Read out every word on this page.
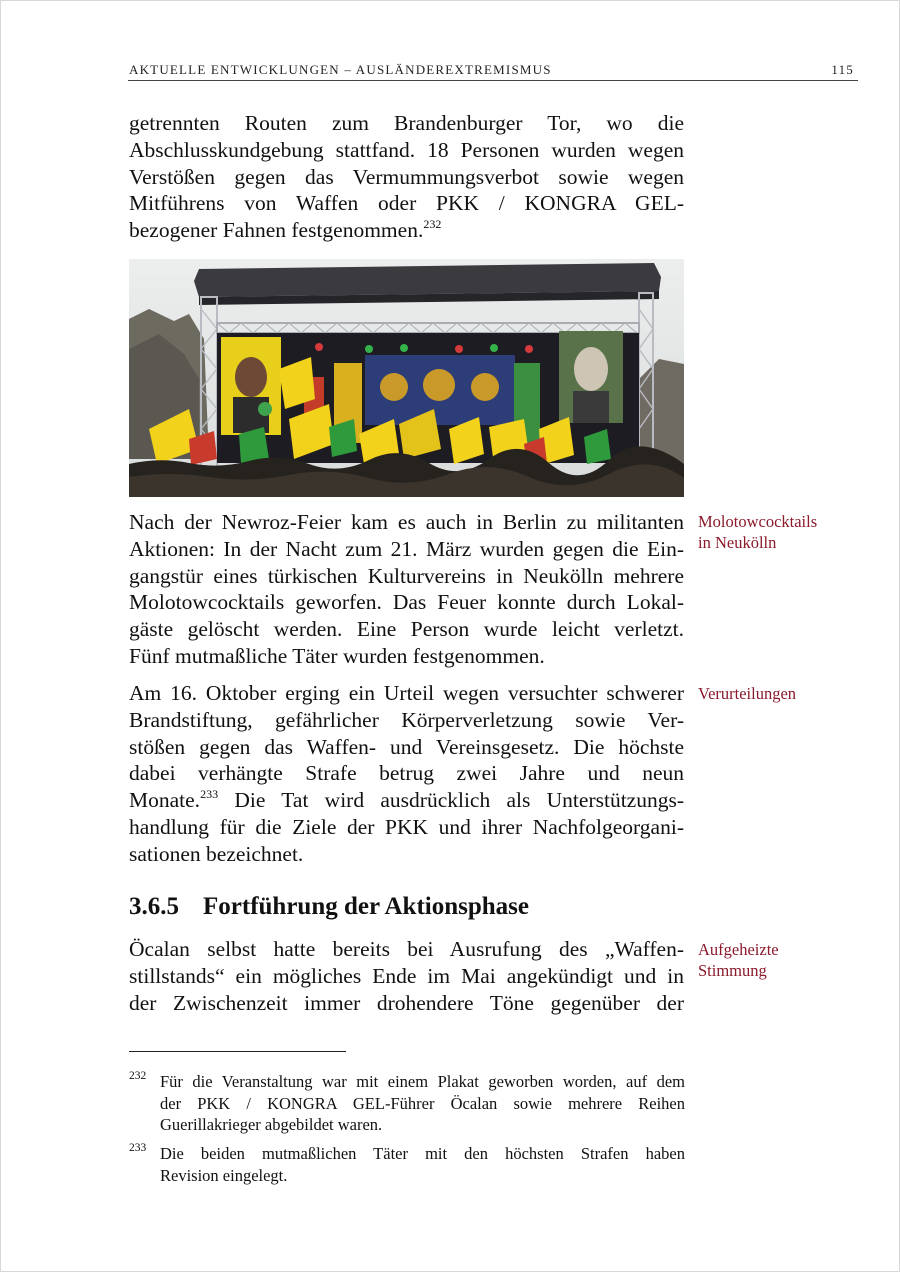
AKTUELLE ENTWICKLUNGEN – AUSLÄNDEREXTREMISMUS	115
getrennten Routen zum Brandenburger Tor, wo die
Abschlusskundgebung stattfand. 18 Personen wurden wegen
Verstößen gegen das Vermummungsverbot sowie wegen
Mitführens von Waffen oder PKK / KONGRA GEL-
bezogener Fahnen festgenommen.$^{232}$
Nach der Newroz-Feier kam es auch in Berlin zu militanten
Aktionen: In der Nacht zum 21. März wurden gegen die Ein-
gangstür eines türkischen Kulturvereins in Neukölln mehrere
Molotowcocktails geworfen. Das Feuer konnte durch Lokal-
gäste gelöscht werden. Eine Person wurde leicht verletzt.
Fünf mutmaßliche Täter wurden festgenommen.
Molotowcocktails
in Neukölln
Am 16. Oktober erging ein Urteil wegen versuchter schwerer
Brandstiftung, gefährlicher Körperverletzung sowie Ver-
stößen gegen das Waffen- und Vereinsgesetz. Die höchste
dabei verhängte Strafe betrug zwei Jahre und neun
Monate.$^{233}$ Die Tat wird ausdrücklich als Unterstützungs-
handlung für die Ziele der PKK und ihrer Nachfolgeorgani-
sationen bezeichnet.
Verurteilungen
3.6.5 Fortführung der Aktionsphase
Öcalan selbst hatte bereits bei Ausrufung des „Waffen-
stillstands“ ein mögliches Ende im Mai angekündigt und in
der Zwischenzeit immer drohendere Töne gegenüber der
Aufgeheizte
Stimmung
232 Für die Veranstaltung war mit einem Plakat geworben worden, auf dem
der PKK / KONGRA GEL-Führer Öcalan sowie mehrere Reihen
Guerillakrieger abgebildet waren.
233 Die beiden mutmaßlichen Täter mit den höchsten Strafen haben
Revision eingelegt.
